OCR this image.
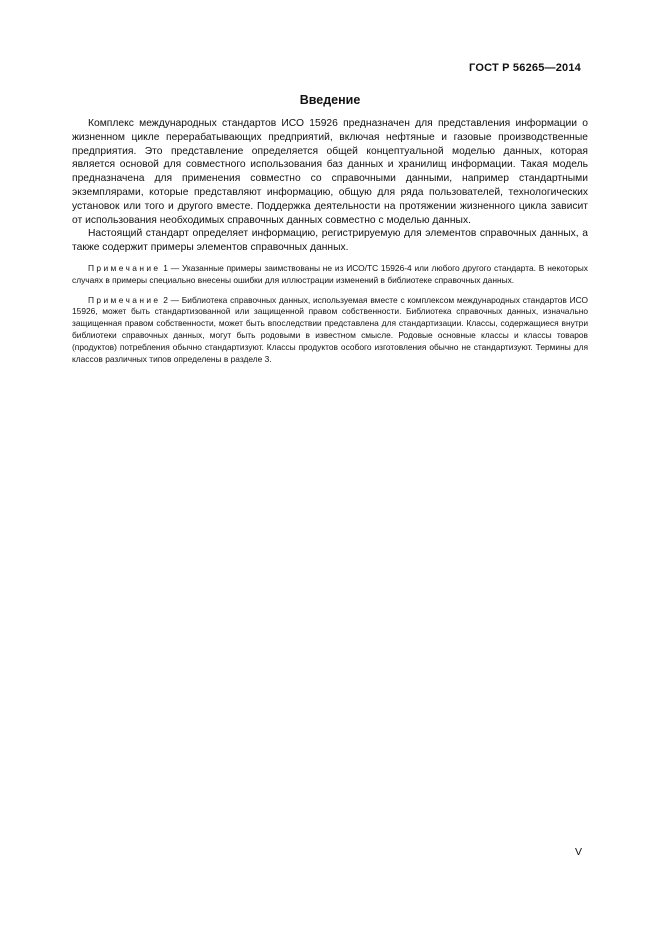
ГОСТ Р 56265—2014
Введение

Комплекс международных стандартов ИСО 15926 предназначен для представления информации о жизненном цикле перерабатывающих предприятий, включая нефтяные и газовые производственные предприятия. Это представление определяется общей концептуальной моделью данных, которая является основой для совместного использования баз данных и хранилищ информации. Такая модель предназначена для применения совместно со справочными данными, например стандартными экземплярами, которые представляют информацию, общую для ряда пользователей, технологических установок или того и другого вместе. Поддержка деятельности на протяжении жизненного цикла зависит от использования необходимых справочных данных совместно с моделью данных.

Настоящий стандарт определяет информацию, регистрируемую для элементов справочных данных, а также содержит примеры элементов справочных данных.

Примечание 1 — Указанные примеры заимствованы не из ИСО/ТС 15926-4 или любого другого стандарта. В некоторых случаях в примеры специально внесены ошибки для иллюстрации изменений в библиотеке справочных данных.

Примечание 2 — Библиотека справочных данных, используемая вместе с комплексом международных стандартов ИСО 15926, может быть стандартизованной или защищенной правом собственности. Библиотека справочных данных, изначально защищенная правом собственности, может быть впоследствии представлена для стандартизации. Классы, содержащиеся внутри библиотеки справочных данных, могут быть родовыми в известном смысле. Родовые основные классы и классы товаров (продуктов) потребления обычно стандартизуют. Классы продуктов особого изготовления обычно не стандартизуют. Термины для классов различных типов определены в разделе 3.

V
